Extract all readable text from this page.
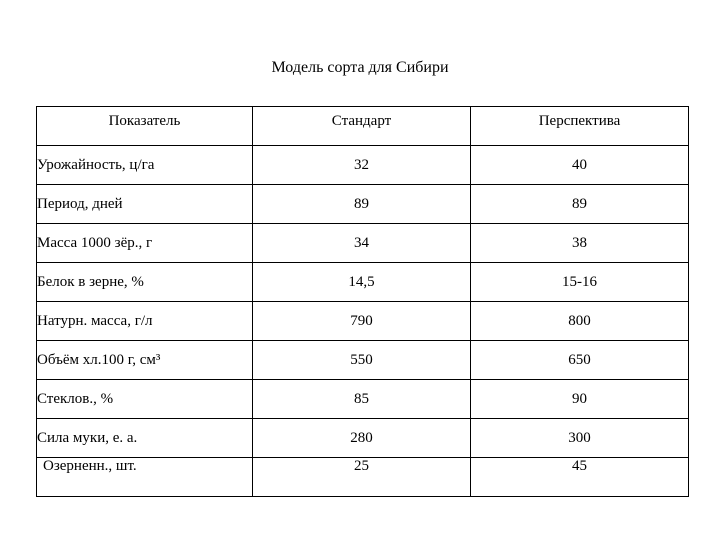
Модель сорта для Сибири
Показатель	Стандарт	Перспектива
Урожайность, ц/га	32	40
Период, дней	89	89
Масса 1000 зёр., г	34	38
Белок в зерне, %	14,5	15-16
Натурн. масса, г/л	790	800
Объём хл.100 г, см³	550	650
Стеклов., %	85	90
Сила муки, е. а.	280	300
Озерненн., шт.	25	45
